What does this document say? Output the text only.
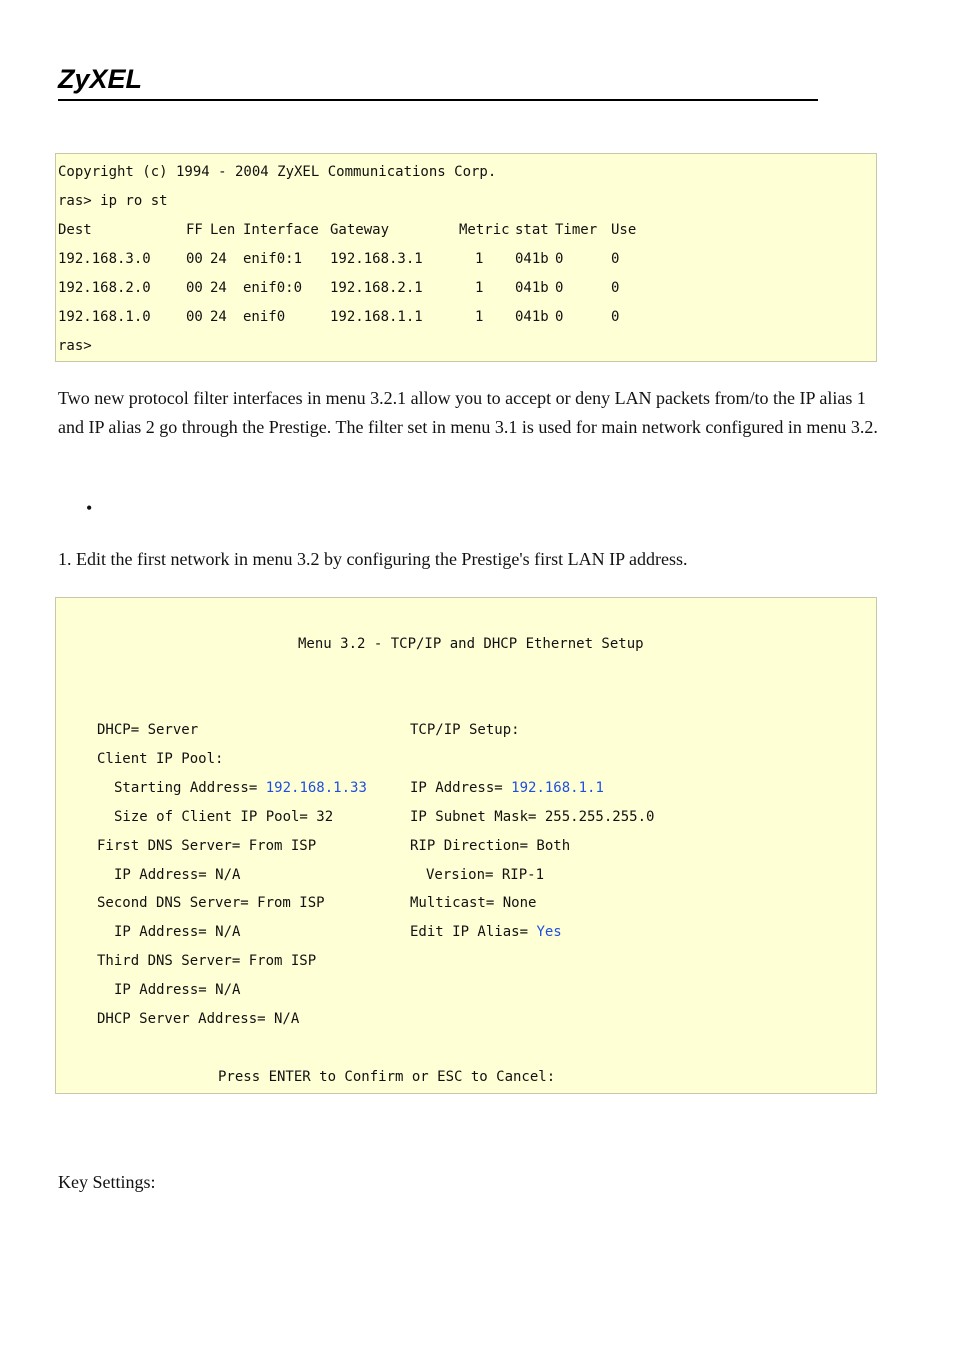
ZyXEL
Copyright (c) 1994 - 2004 ZyXEL Communications Corp.
ras> ip ro st
Dest	FF Len Interface Gateway	Metric stat Timer Use
192.168.3.0	00 24 enif0:1 192.168.3.1	1 041b 0	0
192.168.2.0	00 24 enif0:0 192.168.2.1	1 041b 0	0
192.168.1.0	00 24 enif0	192.168.1.1	1 041b 0	0
ras>
Two new protocol filter interfaces in menu 3.2.1 allow you to accept or deny LAN packets from/to the IP alias 1 and IP alias 2 go through the Prestige. The filter set in menu 3.1 is used for main network configured in menu 3.2.
•
1. Edit the first network in menu 3.2 by configuring the Prestige's first LAN IP address.
Menu 3.2 - TCP/IP and DHCP Ethernet Setup
DHCP= Server
Client IP Pool:
Starting Address= 192.168.1.33
Size of Client IP Pool= 32
First DNS Server= From ISP
IP Address= N/A
Second DNS Server= From ISP
IP Address= N/A
Third DNS Server= From ISP
IP Address= N/A
DHCP Server Address= N/A
TCP/IP Setup:
IP Address= 192.168.1.1
IP Subnet Mask= 255.255.255.0
RIP Direction= Both
Version= RIP-1
Multicast= None
Edit IP Alias= Yes
Press ENTER to Confirm or ESC to Cancel:
Key Settings:
